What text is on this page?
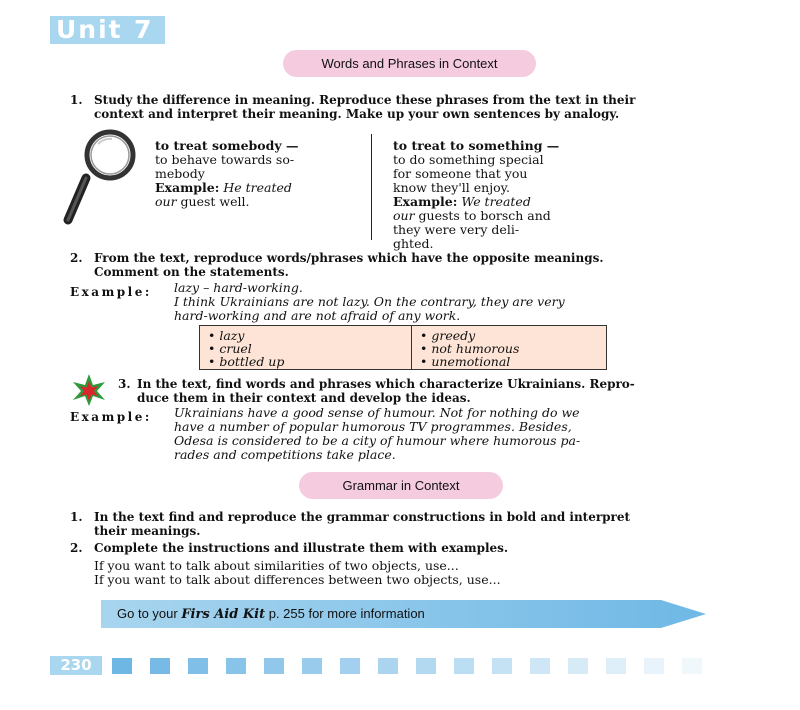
Unit 7
Words and Phrases in Context
1. Study the difference in meaning. Reproduce these phrases from the text in their
context and interpret their meaning. Make up your own sentences by analogy.
to treat somebody —
to behave towards so-
mebody
Example: He treated
our guest well.
to treat to something —
to do something special
for someone that you
know they'll enjoy.
Example: We treated
our guests to borsch and
they were very deli-
ghted.
2. From the text, reproduce words/phrases which have the opposite meanings.
Comment on the statements.
Example: lazy – hard-working.
I think Ukrainians are not lazy. On the contrary, they are very
hard-working and are not afraid of any work.
• lazy
• cruel
• bottled up
• greedy
• not humorous
• unemotional
3. In the text, find words and phrases which characterize Ukrainians. Repro-
duce them in their context and develop the ideas.
Example: Ukrainians have a good sense of humour. Not for nothing do we
have a number of popular humorous TV programmes. Besides,
Odesa is considered to be a city of humour where humorous pa-
rades and competitions take place.
Grammar in Context
1. In the text find and reproduce the grammar constructions in bold and interpret
their meanings.
2. Complete the instructions and illustrate them with examples.
If you want to talk about similarities of two objects, use...
If you want to talk about differences between two objects, use...
Go to your Firs Aid Kit p. 255 for more information
230
